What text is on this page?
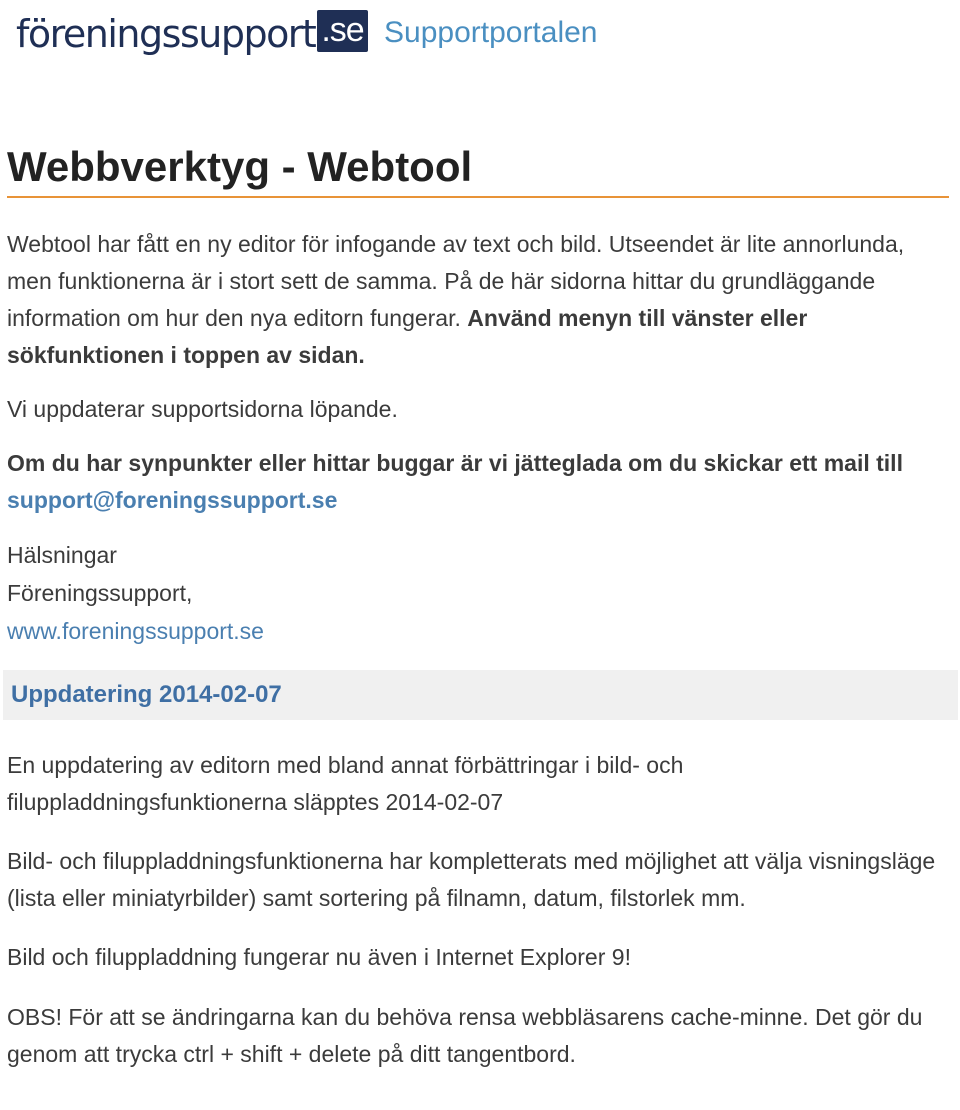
föreningssupport .se Supportportalen
Webbverktyg - Webtool

Webtool har fått en ny editor för infogande av text och bild. Utseendet är lite annorlunda, men funktionerna är i stort sett de samma. På de här sidorna hittar du grundläggande information om hur den nya editorn fungerar. Använd menyn till vänster eller sökfunktionen i toppen av sidan.

Vi uppdaterar supportsidorna löpande.

Om du har synpunkter eller hittar buggar är vi jätteglada om du skickar ett mail till support@foreningssupport.se

Hälsningar
Föreningssupport,
www.foreningssupport.se

Uppdatering 2014-02-07

En uppdatering av editorn med bland annat förbättringar i bild- och filuppladdningsfunktionerna släpptes 2014-02-07

Bild- och filuppladdningsfunktionerna har kompletterats med möjlighet att välja visningsläge (lista eller miniatyrbilder) samt sortering på filnamn, datum, filstorlek mm.

Bild och filuppladdning fungerar nu även i Internet Explorer 9!

OBS! För att se ändringarna kan du behöva rensa webbläsarens cache-minne. Det gör du genom att trycka ctrl + shift + delete på ditt tangentbord.
